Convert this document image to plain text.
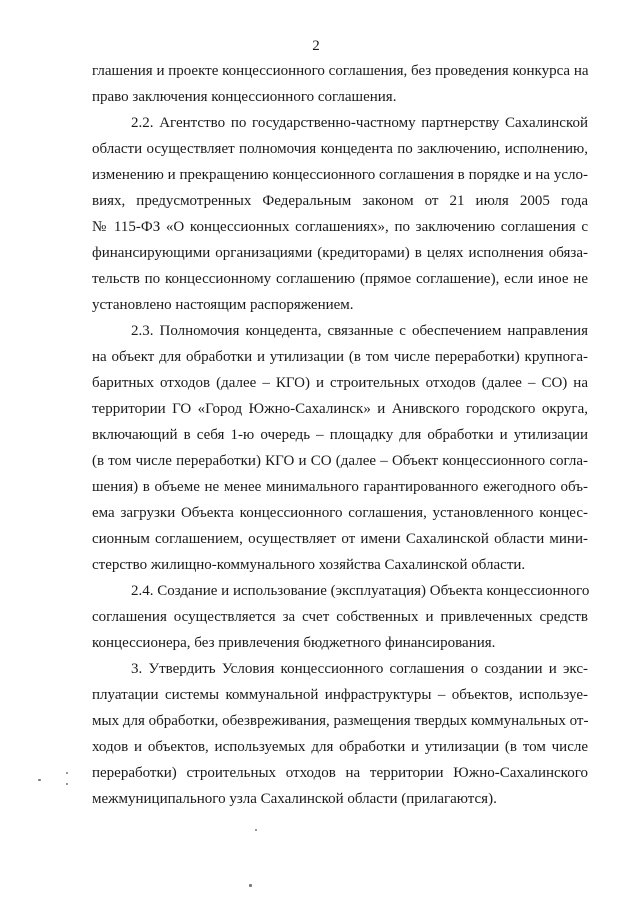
2
глашения и проекте концессионного соглашения, без проведения конкурса на
право заключения концессионного соглашения.
2.2. Агентство по государственно-частному партнерству Сахалинской
области осуществляет полномочия концедента по заключению, исполнению,
изменению и прекращению концессионного соглашения в порядке и на усло-
виях, предусмотренных Федеральным законом от 21 июля 2005 года
№ 115-ФЗ «О концессионных соглашениях», по заключению соглашения с
финансирующими организациями (кредиторами) в целях исполнения обяза-
тельств по концессионному соглашению (прямое соглашение), если иное не
установлено настоящим распоряжением.
2.3. Полномочия концедента, связанные с обеспечением направления
на объект для обработки и утилизации (в том числе переработки) крупнога-
баритных отходов (далее – КГО) и строительных отходов (далее – СО) на
территории ГО «Город Южно-Сахалинск» и Анивского городского округа,
включающий в себя 1-ю очередь – площадку для обработки и утилизации
(в том числе переработки) КГО и СО (далее – Объект концессионного согла-
шения) в объеме не менее минимального гарантированного ежегодного объ-
ема загрузки Объекта концессионного соглашения, установленного концес-
сионным соглашением, осуществляет от имени Сахалинской области мини-
стерство жилищно-коммунального хозяйства Сахалинской области.
2.4. Создание и использование (эксплуатация) Объекта концессионного
соглашения осуществляется за счет собственных и привлеченных средств
концессионера, без привлечения бюджетного финансирования.
3. Утвердить Условия концессионного соглашения о создании и экс-
плуатации системы коммунальной инфраструктуры – объектов, используе-
мых для обработки, обезвреживания, размещения твердых коммунальных от-
ходов и объектов, используемых для обработки и утилизации (в том числе
переработки) строительных отходов на территории Южно-Сахалинского
межмуниципального узла Сахалинской области (прилагаются).
